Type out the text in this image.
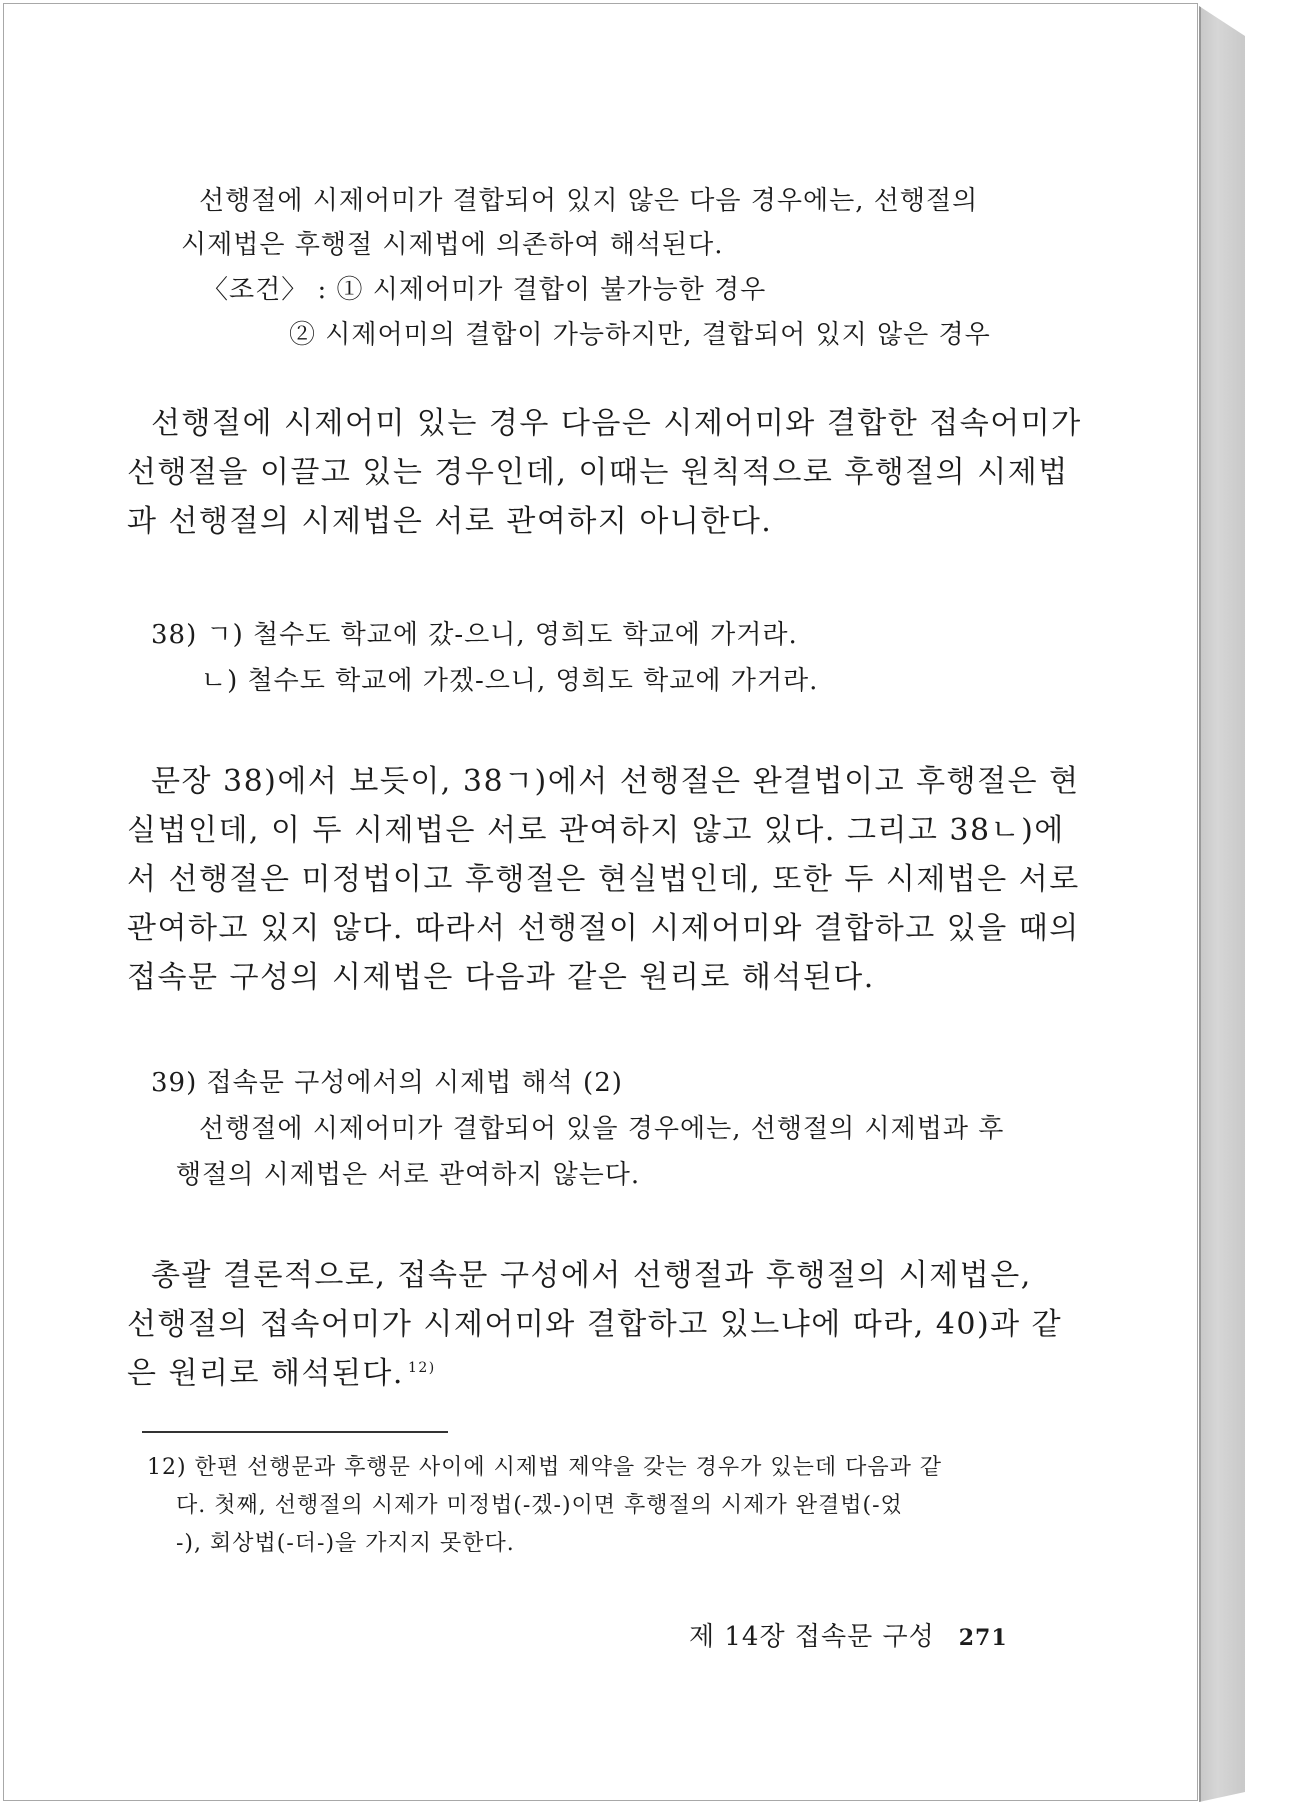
선행절에 시제어미가 결합되어 있지 않은 다음 경우에는, 선행절의
시제법은 후행절 시제법에 의존하여 해석된다.
〈조건〉 : ① 시제어미가 결합이 불가능한 경우
② 시제어미의 결합이 가능하지만, 결합되어 있지 않은 경우
선행절에 시제어미 있는 경우 다음은 시제어미와 결합한 접속어미가
선행절을 이끌고 있는 경우인데, 이때는 원칙적으로 후행절의 시제법
과 선행절의 시제법은 서로 관여하지 아니한다.
38) ㄱ) 철수도 학교에 갔-으니, 영희도 학교에 가거라.
ㄴ) 철수도 학교에 가겠-으니, 영희도 학교에 가거라.
문장 38)에서 보듯이, 38ㄱ)에서 선행절은 완결법이고 후행절은 현
실법인데, 이 두 시제법은 서로 관여하지 않고 있다. 그리고 38ㄴ)에
서 선행절은 미정법이고 후행절은 현실법인데, 또한 두 시제법은 서로
관여하고 있지 않다. 따라서 선행절이 시제어미와 결합하고 있을 때의
접속문 구성의 시제법은 다음과 같은 원리로 해석된다.
39) 접속문 구성에서의 시제법 해석 (2)
선행절에 시제어미가 결합되어 있을 경우에는, 선행절의 시제법과 후
행절의 시제법은 서로 관여하지 않는다.
총괄 결론적으로, 접속문 구성에서 선행절과 후행절의 시제법은,
선행절의 접속어미가 시제어미와 결합하고 있느냐에 따라, 40)과 같
은 원리로 해석된다. $^{12)}$
12) 한편 선행문과 후행문 사이에 시제법 제약을 갖는 경우가 있는데 다음과 같
다. 첫째, 선행절의 시제가 미정법(-겠-)이면 후행절의 시제가 완결법(-었
-), 회상법(-더-)을 가지지 못한다.
제 14장 접속문 구성 271
